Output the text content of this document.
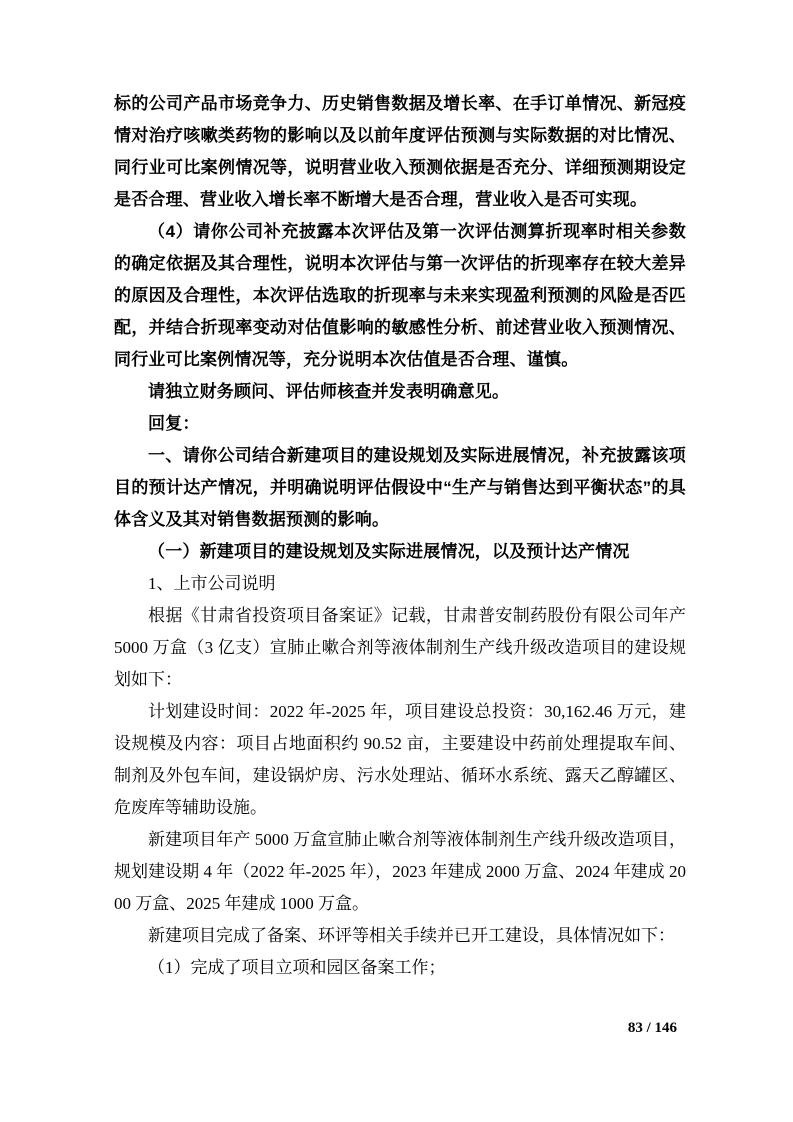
标的公司产品市场竞争力、历史销售数据及增长率、在手订单情况、新冠疫情对治疗咳嗽类药物的影响以及以前年度评估预测与实际数据的对比情况、同行业可比案例情况等，说明营业收入预测依据是否充分、详细预测期设定是否合理、营业收入增长率不断增大是否合理，营业收入是否可实现。

（4）请你公司补充披露本次评估及第一次评估测算折现率时相关参数的确定依据及其合理性，说明本次评估与第一次评估的折现率存在较大差异的原因及合理性，本次评估选取的折现率与未来实现盈利预测的风险是否匹配，并结合折现率变动对估值影响的敏感性分析、前述营业收入预测情况、同行业可比案例情况等，充分说明本次估值是否合理、谨慎。

请独立财务顾问、评估师核查并发表明确意见。

回复：

一、请你公司结合新建项目的建设规划及实际进展情况，补充披露该项目的预计达产情况，并明确说明评估假设中“生产与销售达到平衡状态”的具体含义及其对销售数据预测的影响。

（一）新建项目的建设规划及实际进展情况，以及预计达产情况

1、上市公司说明

根据《甘肃省投资项目备案证》记载，甘肃普安制药股份有限公司年产 5000 万盒（3 亿支）宣肺止嗽合剂等液体制剂生产线升级改造项目的建设规划如下：

计划建设时间：2022 年-2025 年，项目建设总投资：30,162.46 万元，建设规模及内容：项目占地面积约 90.52 亩，主要建设中药前处理提取车间、制剂及外包车间，建设锅炉房、污水处理站、循环水系统、露天乙醇罐区、危废库等辅助设施。

新建项目年产 5000 万盒宣肺止嗽合剂等液体制剂生产线升级改造项目，规划建设期 4 年（2022 年-2025 年），2023 年建成 2000 万盒、2024 年建成 2000 万盒、2025 年建成 1000 万盒。

新建项目完成了备案、环评等相关手续并已开工建设，具体情况如下：

（1）完成了项目立项和园区备案工作；

83 / 146
